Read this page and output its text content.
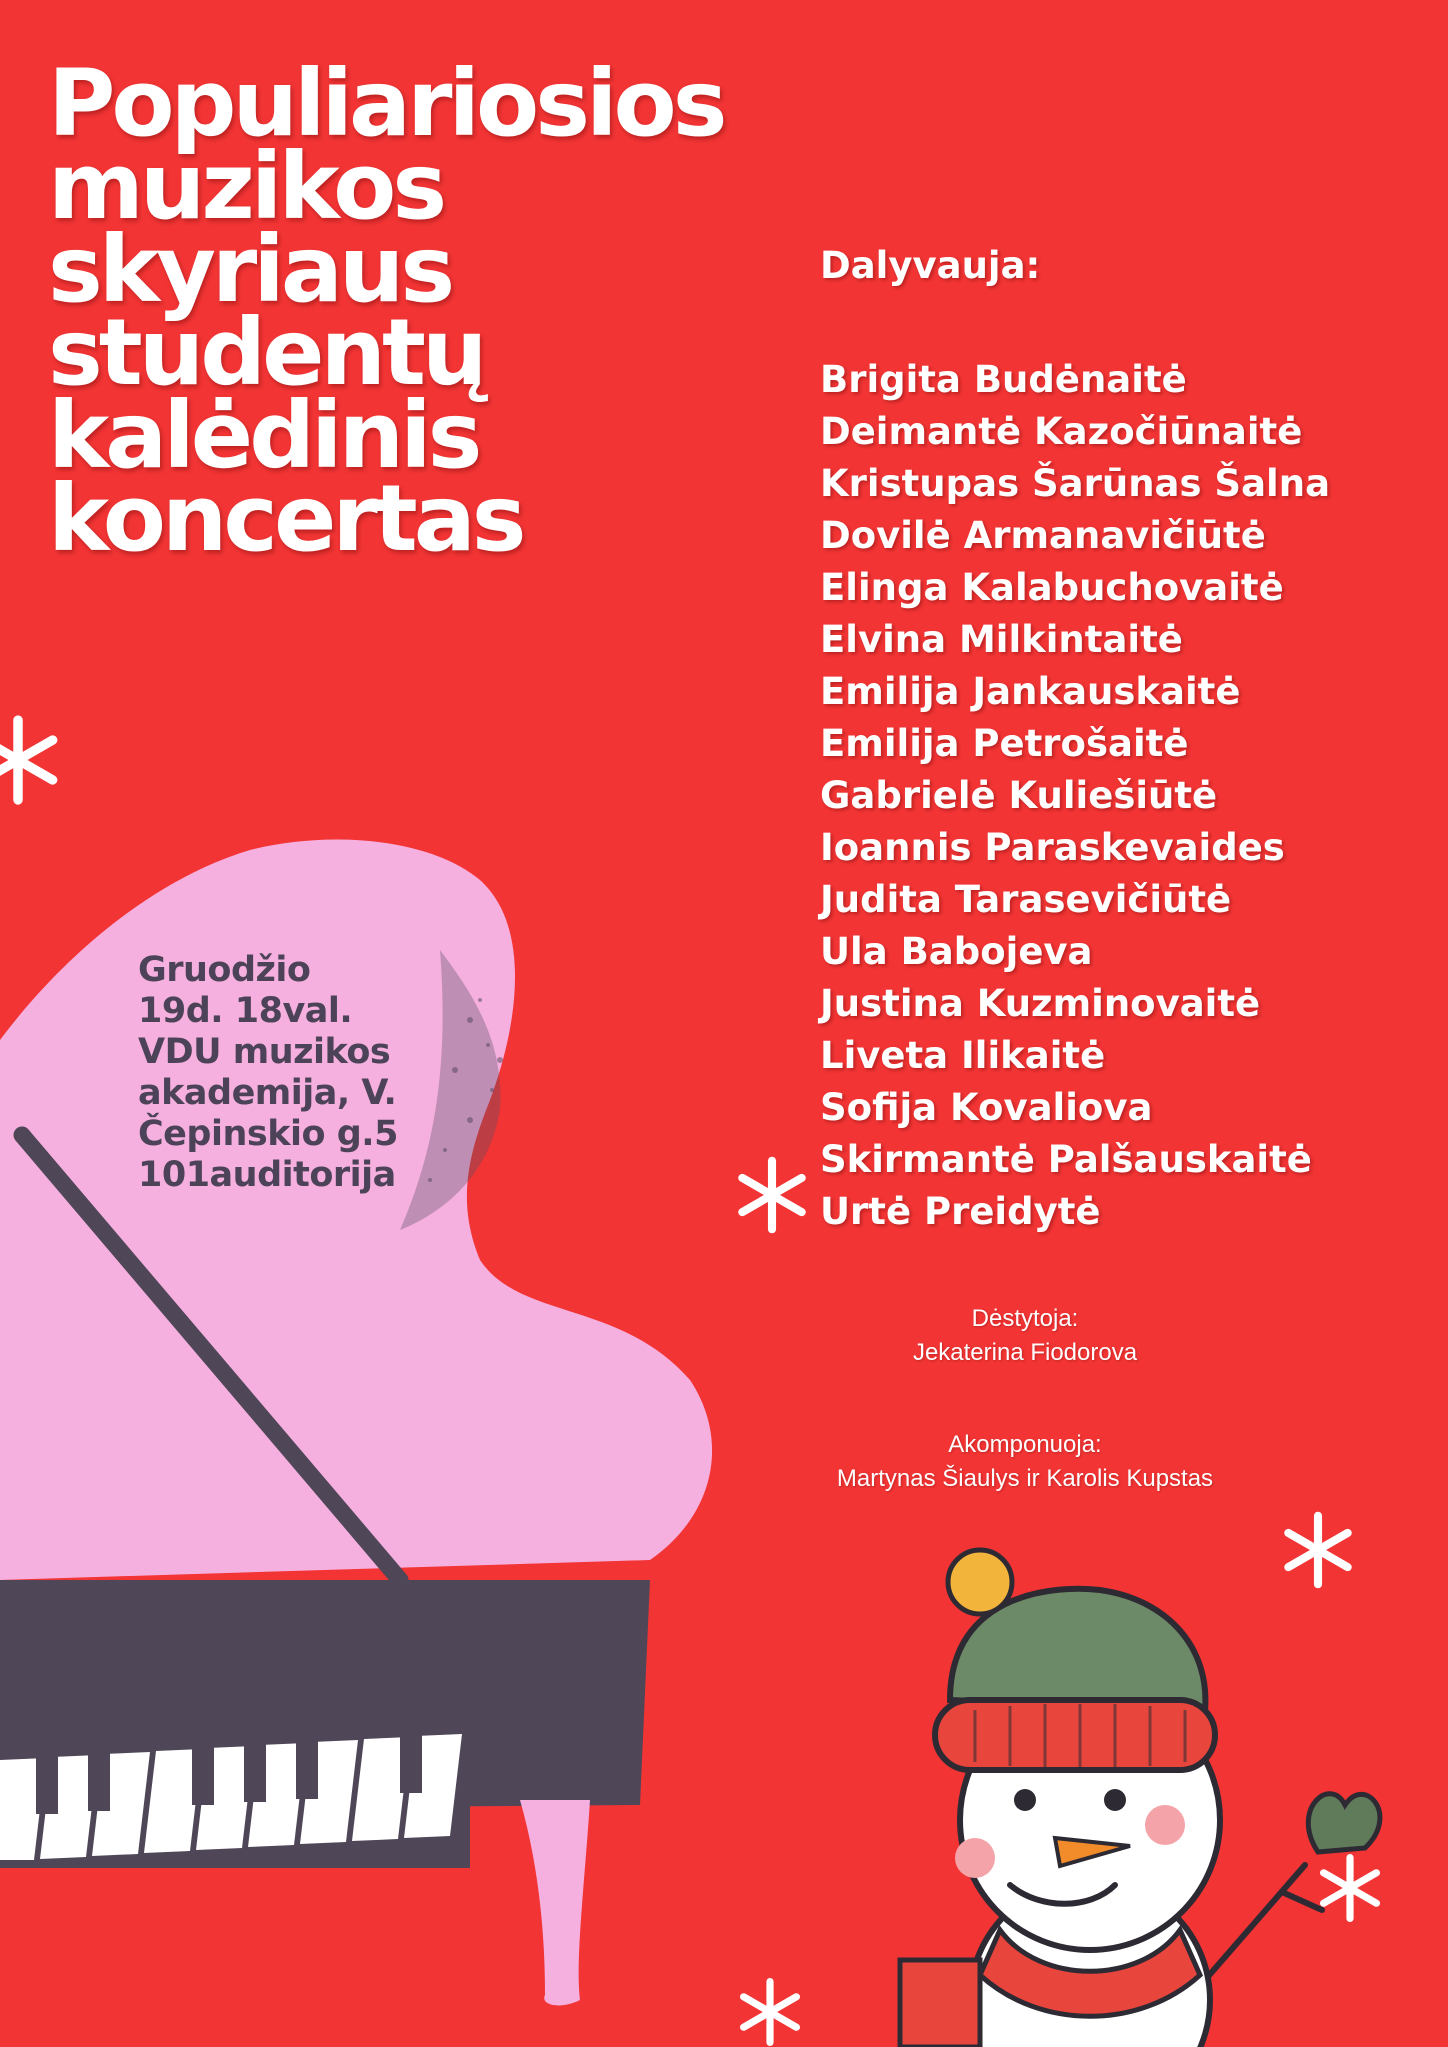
Populiariosios
muzikos
skyriaus
studentų
kalėdinis
koncertas
Dalyvauja:
Brigita Budėnaitė
Deimantė Kazočiūnaitė
Kristupas Šarūnas Šalna
Dovilė Armanavičiūtė
Elinga Kalabuchovaitė
Elvina Milkintaitė
Emilija Jankauskaitė
Emilija Petrošaitė
Gabrielė Kuliešiūtė
Ioannis Paraskevaides
Judita Tarasevičiūtė
Ula Babojeva
Justina Kuzminovaitė
Liveta Ilikaitė
Sofija Kovaliova
Skirmantė Palšauskaitė
Urtė Preidytė
Gruodžio
19d. 18val.
VDU muzikos
akademija, V.
Čepinskio g.5
101auditorija
Dėstytoja:
Jekaterina Fiodorova
Akomponuoja:
Martynas Šiaulys ir Karolis Kupstas
